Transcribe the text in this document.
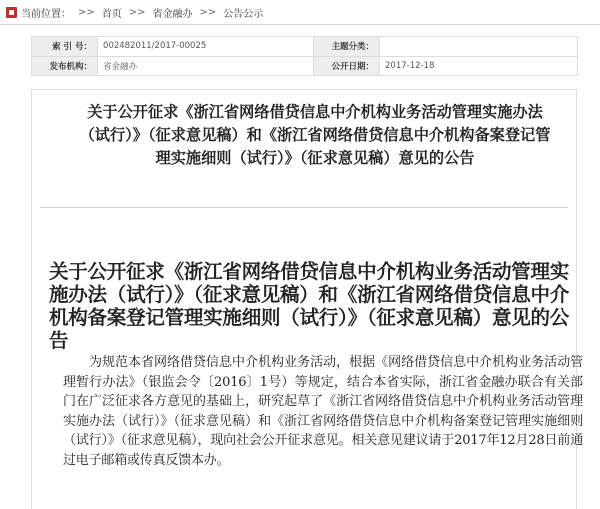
当前位置： >> 首页 >> 省金融办 >> 公告公示
索 引 号：	002482011/2017-00025	主题分类：	
发布机构：	省金融办	公开日期：	2017-12-18
关于公开征求《浙江省网络借贷信息中介机构业务活动管理实施办法（试行）》（征求意见稿）和《浙江省网络借贷信息中介机构备案登记管理实施细则（试行）》（征求意见稿）意见的公告
关于公开征求《浙江省网络借贷信息中介机构业务活动管理实施办法（试行）》（征求意见稿）和《浙江省网络借贷信息中介机构备案登记管理实施细则（试行）》（征求意见稿）意见的公告

为规范本省网络借贷信息中介机构业务活动，根据《网络借贷信息中介机构业务活动管理暂行办法》（银监会令〔2016〕1号）等规定，结合本省实际，浙江省金融办联合有关部门在广泛征求各方意见的基础上，研究起草了《浙江省网络借贷信息中介机构业务活动管理实施办法（试行）》（征求意见稿）和《浙江省网络借贷信息中介机构备案登记管理实施细则（试行）》（征求意见稿），现向社会公开征求意见。相关意见建议请于2017年12月28日前通过电子邮箱或传真反馈本办。
